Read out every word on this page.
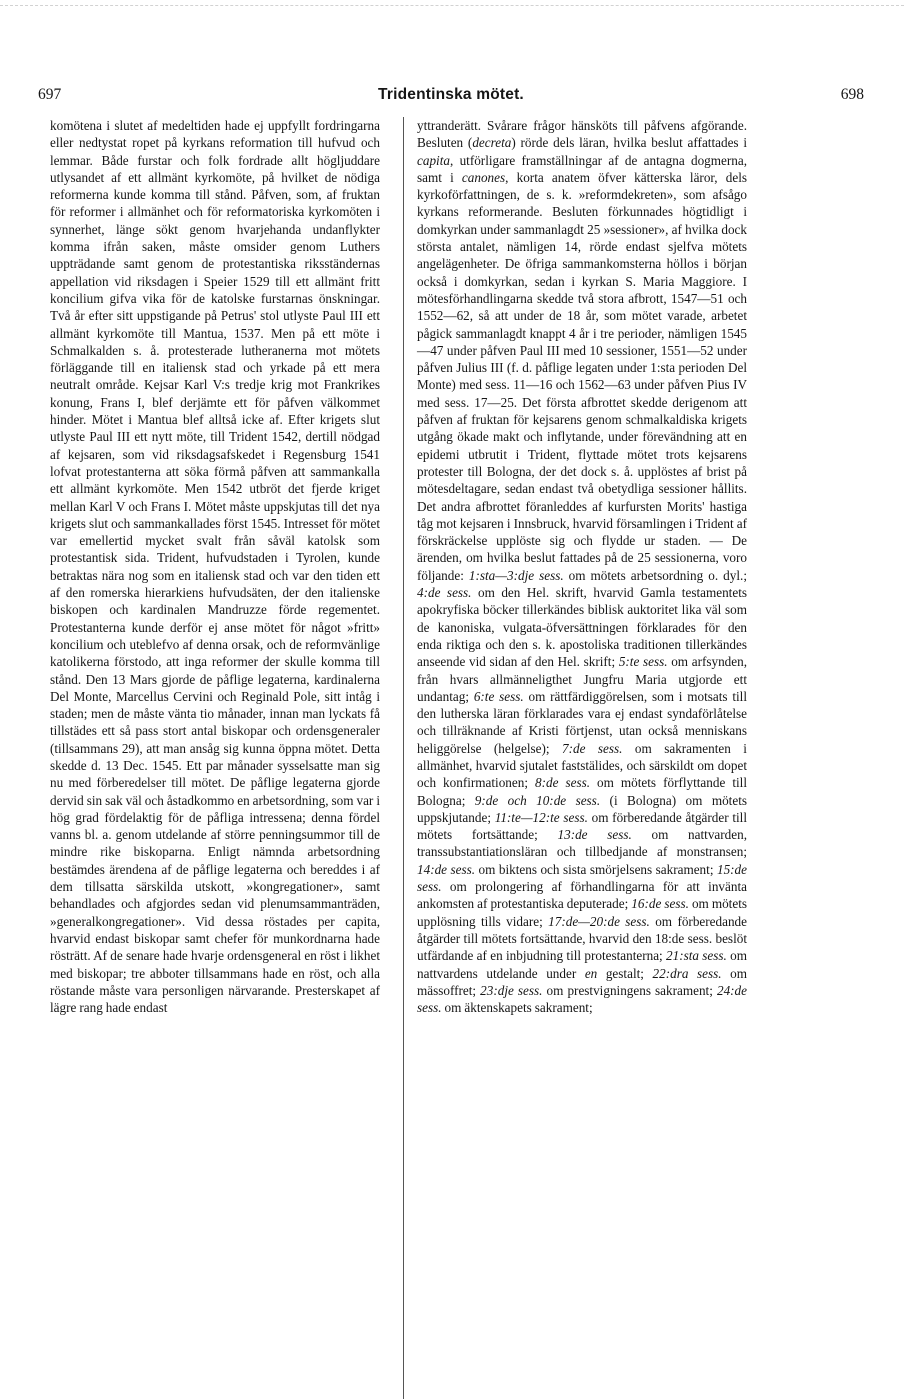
697	Tridentinska mötet.	698

komötena i slutet af medeltiden hade ej uppfyllt fordringarna eller nedtystat ropet på kyrkans reformation till hufvud och lemmar. Både furstar och folk fordrade allt högljuddare utlysandet af ett allmänt kyrkomöte, på hvilket de nödiga reformerna kunde komma till stånd. Påfven, som, af fruktan för reformer i allmänhet och för reformatoriska kyrkomöten i synnerhet, länge sökt genom hvarjehanda undanflykter komma ifrån saken, måste omsider genom Luthers uppträdande samt genom de protestantiska riksständernas appellation vid riksdagen i Speier 1529 till ett allmänt fritt koncilium gifva vika för de katolske furstarnas önskningar. Två år efter sitt uppstigande på Petrus' stol utlyste Paul III ett allmänt kyrkomöte till Mantua, 1537. Men på ett möte i Schmalkalden s. å. protesterade lutheranerna mot mötets förläggande till en italiensk stad och yrkade på ett mera neutralt område. Kejsar Karl V:s tredje krig mot Frankrikes konung, Frans I, blef derjämte ett för påfven välkommet hinder. Mötet i Mantua blef alltså icke af. Efter krigets slut utlyste Paul III ett nytt möte, till Trident 1542, dertill nödgad af kejsaren, som vid riksdagsafskedet i Regensburg 1541 lofvat protestanterna att söka förmå påfven att sammankalla ett allmänt kyrkomöte. Men 1542 utbröt det fjerde kriget mellan Karl V och Frans I. Mötet måste uppskjutas till det nya krigets slut och sammankallades först 1545. Intresset för mötet var emellertid mycket svalt från såväl katolsk som protestantisk sida. Trident, hufvudstaden i Tyrolen, kunde betraktas nära nog som en italiensk stad och var den tiden ett af den romerska hierarkiens hufvudsäten, der den italienske biskopen och kardinalen Mandruzze förde regementet. Protestanterna kunde derför ej anse mötet för något »fritt» koncilium och uteblefvo af denna orsak, och de reformvänlige katolikerna förstodo, att inga reformer der skulle komma till stånd. Den 13 Mars gjorde de påflige legaterna, kardinalerna Del Monte, Marcellus Cervini och Reginald Pole, sitt intåg i staden; men de måste vänta tio månader, innan man lyckats få tillstädes ett så pass stort antal biskopar och ordensgeneraler (tillsammans 29), att man ansåg sig kunna öppna mötet. Detta skedde d. 13 Dec. 1545. Ett par månader sysselsatte man sig nu med förberedelser till mötet. De påflige legaterna gjorde dervid sin sak väl och åstadkommo en arbetsordning, som var i hög grad fördelaktig för de påfliga intressena; denna fördel vanns bl. a. genom utdelande af större penningsummor till de mindre rike biskoparna. Enligt nämnda arbetsordning bestämdes ärendena af de påflige legaterna och bereddes i af dem tillsatta särskilda utskott, »kongregationer», samt behandlades och afgjordes sedan vid plenumsammanträden, »generalkongregationer». Vid dessa röstades per capita, hvarvid endast biskopar samt chefer för munkordnarna hade rösträtt. Af de senare hade hvarje ordensgeneral en röst i likhet med biskopar; tre abboter tillsammans hade en röst, och alla röstande måste vara personligen närvarande. Presterskapet af lägre rang hade endast

yttranderätt. Svårare frågor hänsköts till påfvens afgörande. Besluten (decreta) rörde dels läran, hvilka beslut affattades i capita, utförligare framställningar af de antagna dogmerna, samt i canones, korta anatem öfver kätterska läror, dels kyrkoförfattningen, de s. k. »reformdekreten», som afsågo kyrkans reformerande. Besluten förkunnades högtidligt i domkyrkan under sammanlagdt 25 »sessioner», af hvilka dock största antalet, nämligen 14, rörde endast sjelfva mötets angelägenheter. De öfriga sammankomsterna höllos i början också i domkyrkan, sedan i kyrkan S. Maria Maggiore. I mötesförhandlingarna skedde två stora afbrott, 1547—51 och 1552—62, så att under de 18 år, som mötet varade, arbetet pågick sammanlagdt knappt 4 år i tre perioder, nämligen 1545—47 under påfven Paul III med 10 sessioner, 1551—52 under påfven Julius III (f. d. påflige legaten under 1:sta perioden Del Monte) med sess. 11—16 och 1562—63 under påfven Pius IV med sess. 17—25. Det första afbrottet skedde derigenom att påfven af fruktan för kejsarens genom schmalkaldiska krigets utgång ökade makt och inflytande, under förevändning att en epidemi utbrutit i Trident, flyttade mötet trots kejsarens protester till Bologna, der det dock s. å. upplöstes af brist på mötesdeltagare, sedan endast två obetydliga sessioner hållits. Det andra afbrottet föranleddes af kurfursten Morits' hastiga tåg mot kejsaren i Innsbruck, hvarvid församlingen i Trident af förskräckelse upplöste sig och flydde ur staden. — De ärenden, om hvilka beslut fattades på de 25 sessionerna, voro följande: 1:sta—3:dje sess. om mötets arbetsordning o. dyl.; 4:de sess. om den Hel. skrift, hvarvid Gamla testamentets apokryfiska böcker tillerkändes biblisk auktoritet lika väl som de kanoniska, vulgata-öfversättningen förklarades för den enda riktiga och den s. k. apostoliska traditionen tillerkändes anseende vid sidan af den Hel. skrift; 5:te sess. om arfsynden, från hvars allmänneligthet Jungfru Maria utgjorde ett undantag; 6:te sess. om rättfärdiggörelsen, som i motsats till den lutherska läran förklarades vara ej endast syndaförlåtelse och tillräknande af Kristi förtjenst, utan också menniskans heliggörelse (helgelse); 7:de sess. om sakramenten i allmänhet, hvarvid sjutalet faststälides, och särskildt om dopet och konfirmationen; 8:de sess. om mötets förflyttande till Bologna; 9:de och 10:de sess. (i Bologna) om mötets uppskjutande; 11:te—12:te sess. om förberedande åtgärder till mötets fortsättande; 13:de sess. om nattvarden, transsubstantiationsläran och tillbedjande af monstransen; 14:de sess. om biktens och sista smörjelsens sakrament; 15:de sess. om prolongering af förhandlingarna för att invänta ankomsten af protestantiska deputerade; 16:de sess. om mötets upplösning tills vidare; 17:de—20:de sess. om förberedande åtgärder till mötets fortsättande, hvarvid den 18:de sess. beslöt utfärdande af en inbjudning till protestanterna; 21:sta sess. om nattvardens utdelande under en gestalt; 22:dra sess. om mässoffret; 23:dje sess. om prestvigningens sakrament; 24:de sess. om äktenskapets sakrament;
